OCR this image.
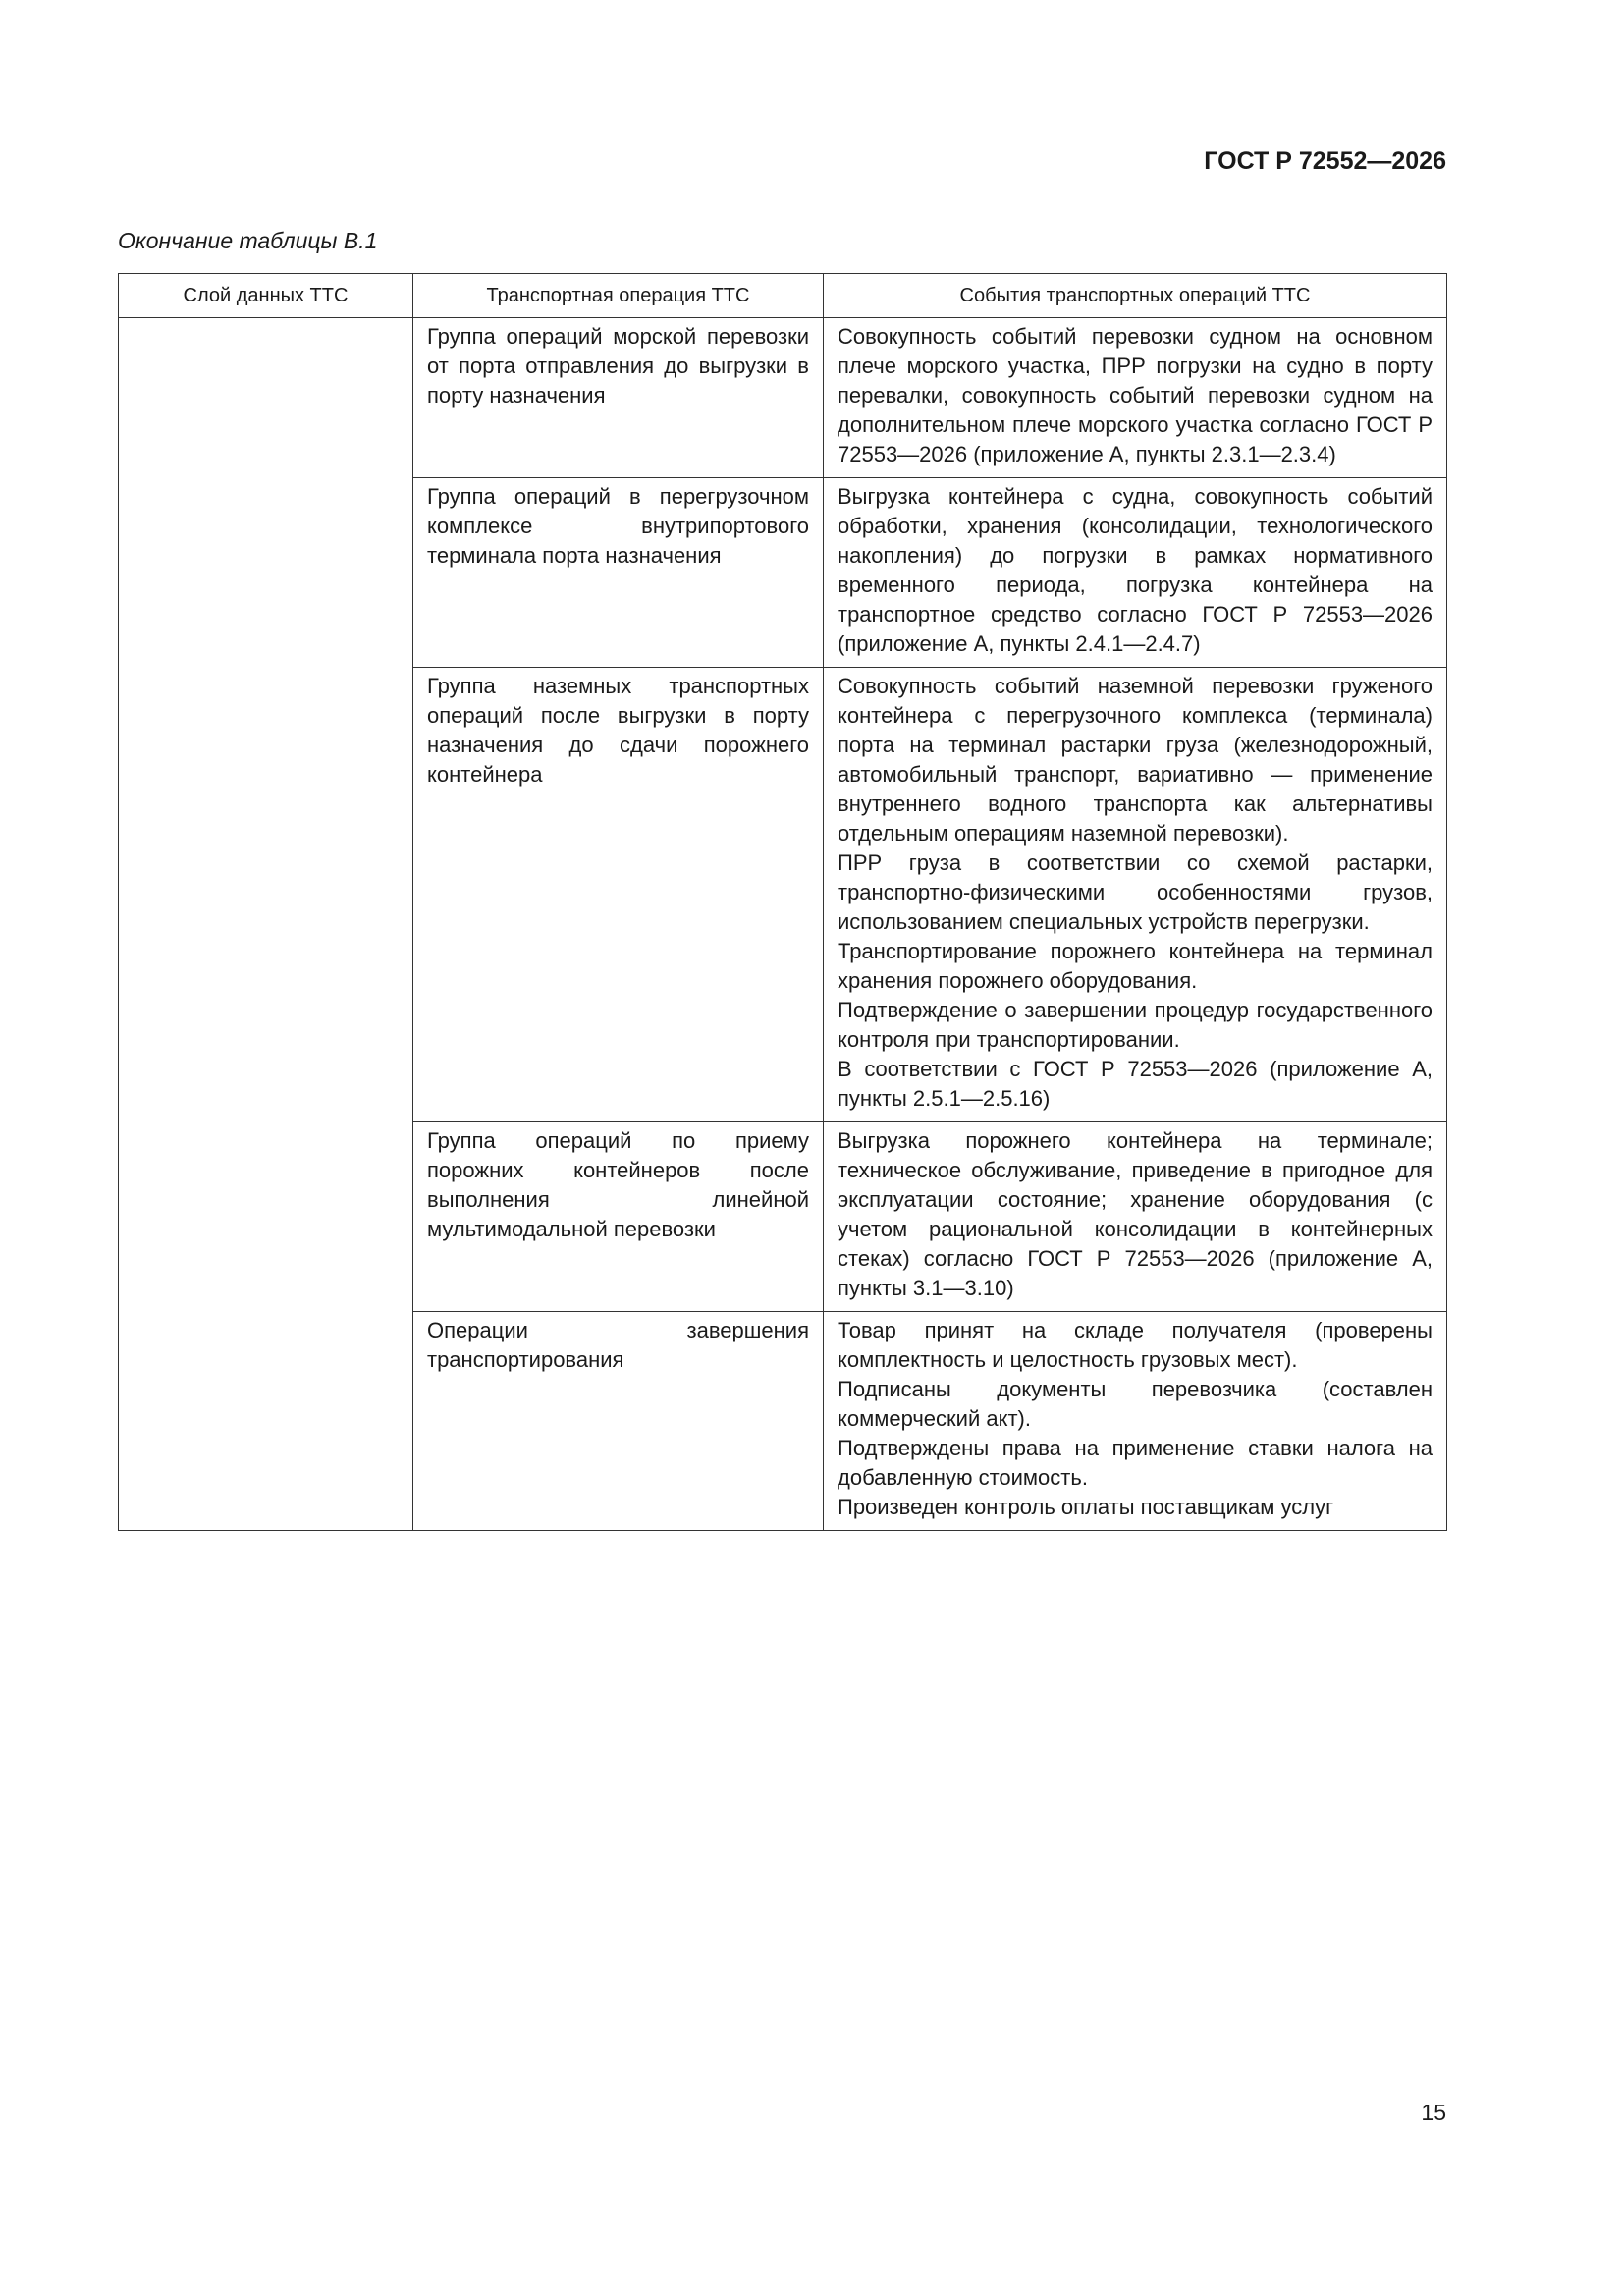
ГОСТ Р 72552—2026
Окончание таблицы В.1
Слой данных ТТС	Транспортная операция ТТС	События транспортных операций ТТС
	Группа операций морской перевозки от порта отправления до выгрузки в порту назначения	Совокупность событий перевозки судном на основном плече морского участка, ПРР погрузки на судно в порту перевалки, совокупность событий перевозки судном на дополнительном плече морского участка согласно ГОСТ Р 72553—2026 (приложение А, пункты 2.3.1—2.3.4)
	Группа операций в перегрузочном комплексе внутрипортового терминала порта назначения	Выгрузка контейнера с судна, совокупность событий обработки, хранения (консолидации, технологического накопления) до погрузки в рамках нормативного временного периода, погрузка контейнера на транспортное средство согласно ГОСТ Р 72553—2026 (приложение А, пункты 2.4.1—2.4.7)
	Группа наземных транспортных операций после выгрузки в порту назначения до сдачи порожнего контейнера	Совокупность событий наземной перевозки груженого контейнера с перегрузочного комплекса (терминала) порта на терминал растарки груза (железнодорожный, автомобильный транспорт, вариативно — применение внутреннего водного транспорта как альтернативы отдельным операциям наземной перевозки).
ПРР груза в соответствии со схемой растарки, транспортно-физическими особенностями грузов, использованием специальных устройств перегрузки.
Транспортирование порожнего контейнера на терминал хранения порожнего оборудования.
Подтверждение о завершении процедур государственного контроля при транспортировании.
В соответствии с ГОСТ Р 72553—2026 (приложение А, пункты 2.5.1—2.5.16)
	Группа операций по приему порожних контейнеров после выполнения линейной мультимодальной перевозки	Выгрузка порожнего контейнера на терминале; техническое обслуживание, приведение в пригодное для эксплуатации состояние; хранение оборудования (с учетом рациональной консолидации в контейнерных стеках) согласно ГОСТ Р 72553—2026 (приложение А, пункты 3.1—3.10)
	Операции завершения транспортирования	Товар принят на складе получателя (проверены комплектность и целостность грузовых мест).
Подписаны документы перевозчика (составлен коммерческий акт).
Подтверждены права на применение ставки налога на добавленную стоимость.
Произведен контроль оплаты поставщикам услуг
15
